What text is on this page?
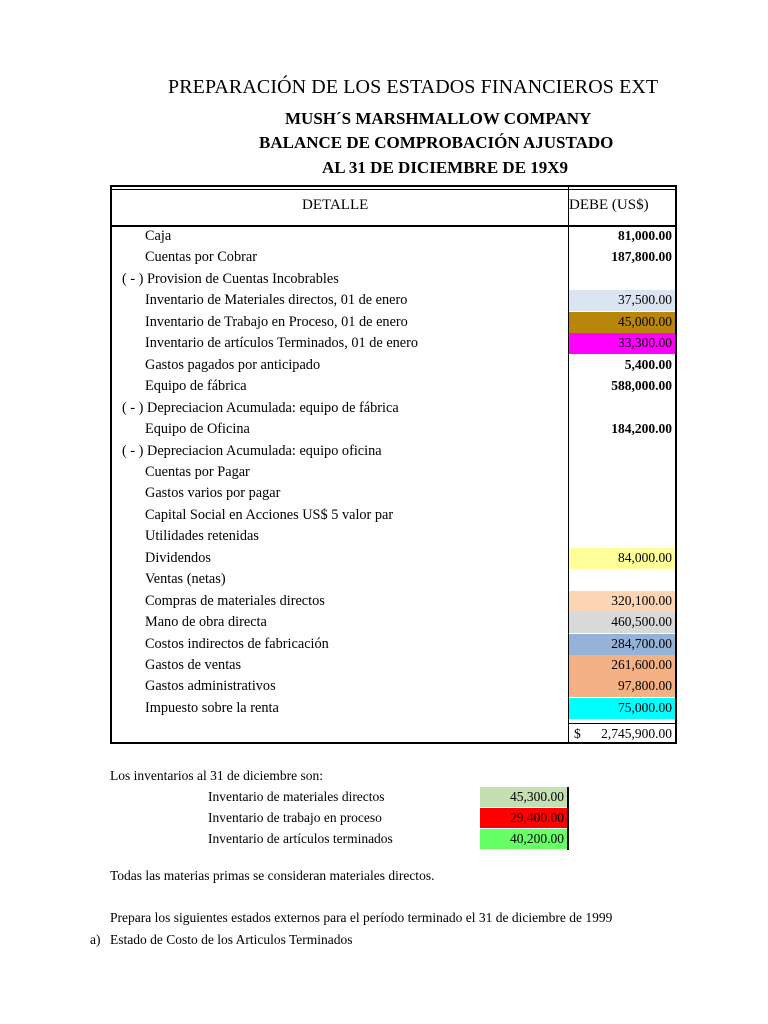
PREPARACIÓN DE LOS ESTADOS FINANCIEROS EXT
MUSH´S MARSHMALLOW COMPANY
BALANCE DE COMPROBACIÓN AJUSTADO
AL 31 DE DICIEMBRE DE 19X9
DETALLE	DEBE (US$)
Caja	81,000.00
Cuentas por Cobrar	187,800.00
( - ) Provision de Cuentas Incobrables
Inventario de Materiales directos, 01 de enero	37,500.00
Inventario de Trabajo en Proceso, 01 de enero	45,000.00
Inventario de artículos Terminados, 01 de enero	33,300.00
Gastos pagados por anticipado	5,400.00
Equipo de fábrica	588,000.00
( - ) Depreciacion Acumulada: equipo de fábrica
Equipo de Oficina	184,200.00
( - ) Depreciacion Acumulada: equipo oficina
Cuentas por Pagar
Gastos varios por pagar
Capital Social en Acciones US$ 5 valor par
Utilidades retenidas
Dividendos	84,000.00
Ventas (netas)
Compras de materiales directos	320,100.00
Mano de obra directa	460,500.00
Costos indirectos de fabricación	284,700.00
Gastos de ventas	261,600.00
Gastos administrativos	97,800.00
Impuesto sobre la renta	75,000.00
$ 2,745,900.00
Los inventarios al 31 de diciembre son:
Inventario de materiales directos	45,300.00
Inventario de trabajo en proceso	29,400.00
Inventario de artículos terminados	40,200.00
Todas las materias primas se consideran materiales directos.
Prepara los siguientes estados externos para el período terminado el 31 de diciembre de 1999
a) Estado de Costo de los Articulos Terminados
